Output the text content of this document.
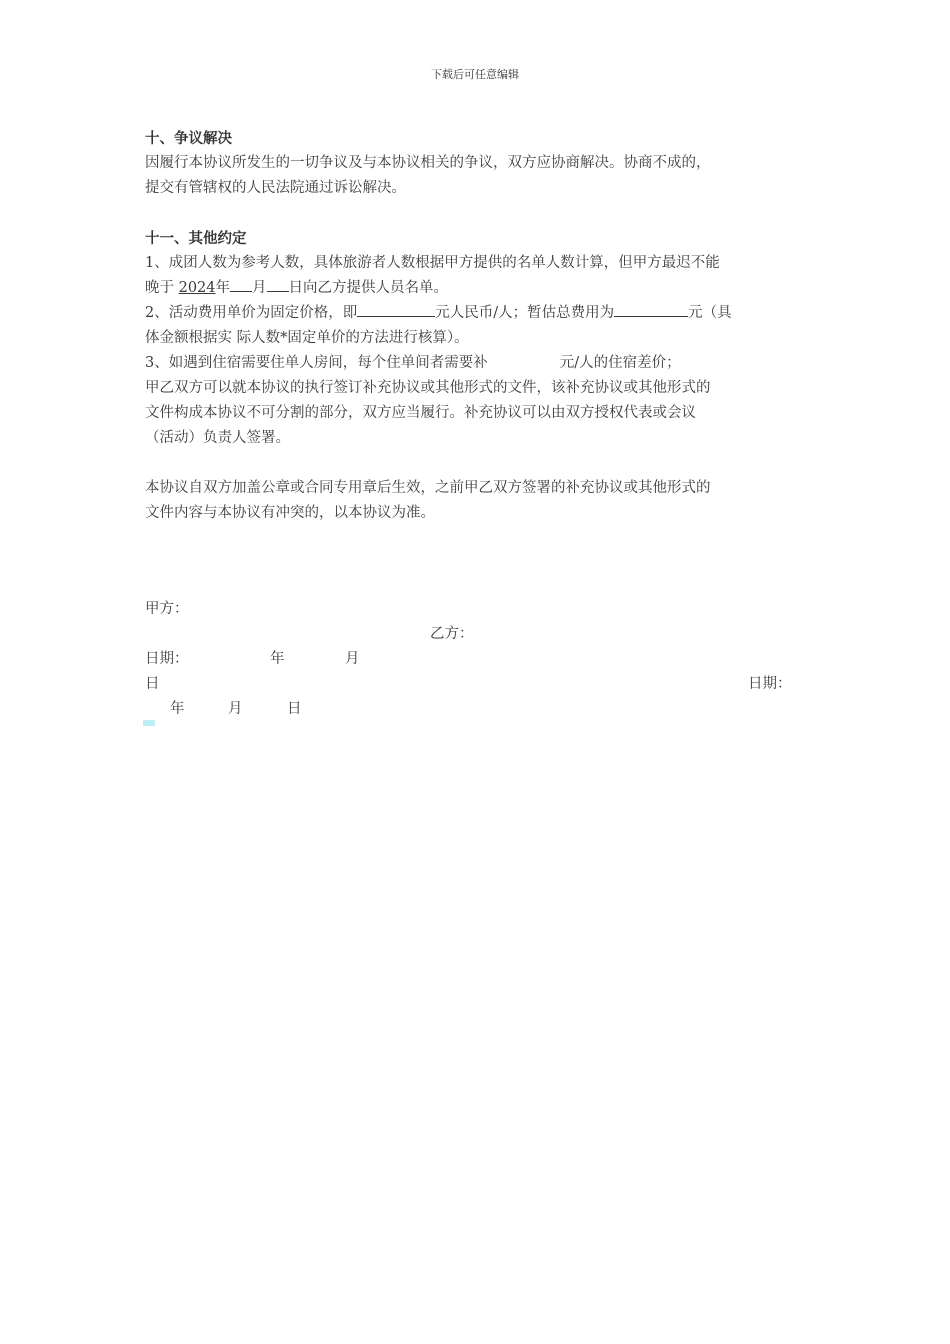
下载后可任意编辑
十、争议解决
因履行本协议所发生的一切争议及与本协议相关的争议，双方应协商解决。协商不成的，
提交有管辖权的人民法院通过诉讼解决。
十一、其他约定
1、成团人数为参考人数，具体旅游者人数根据甲方提供的名单人数计算，但甲方最迟不能
晚于 2024年 月 日向乙方提供人员名单。
2、活动费用单价为固定价格，即	元人民币/人；暂估总费用为	元（具
体金额根据实 际人数*固定单价的方法进行核算）。
3、如遇到住宿需要住单人房间，每个住单间者需要补	元/人的住宿差价；
甲乙双方可以就本协议的执行签订补充协议或其他形式的文件，该补充协议或其他形式的
文件构成本协议不可分割的部分，双方应当履行。补充协议可以由双方授权代表或会议
（活动）负责人签署。
本协议自双方加盖公章或合同专用章后生效，之前甲乙双方签署的补充协议或其他形式的
文件内容与本协议有冲突的，以本协议为准。
甲方：
乙方：
日期：	年	月
日	日期：
年	月	日
